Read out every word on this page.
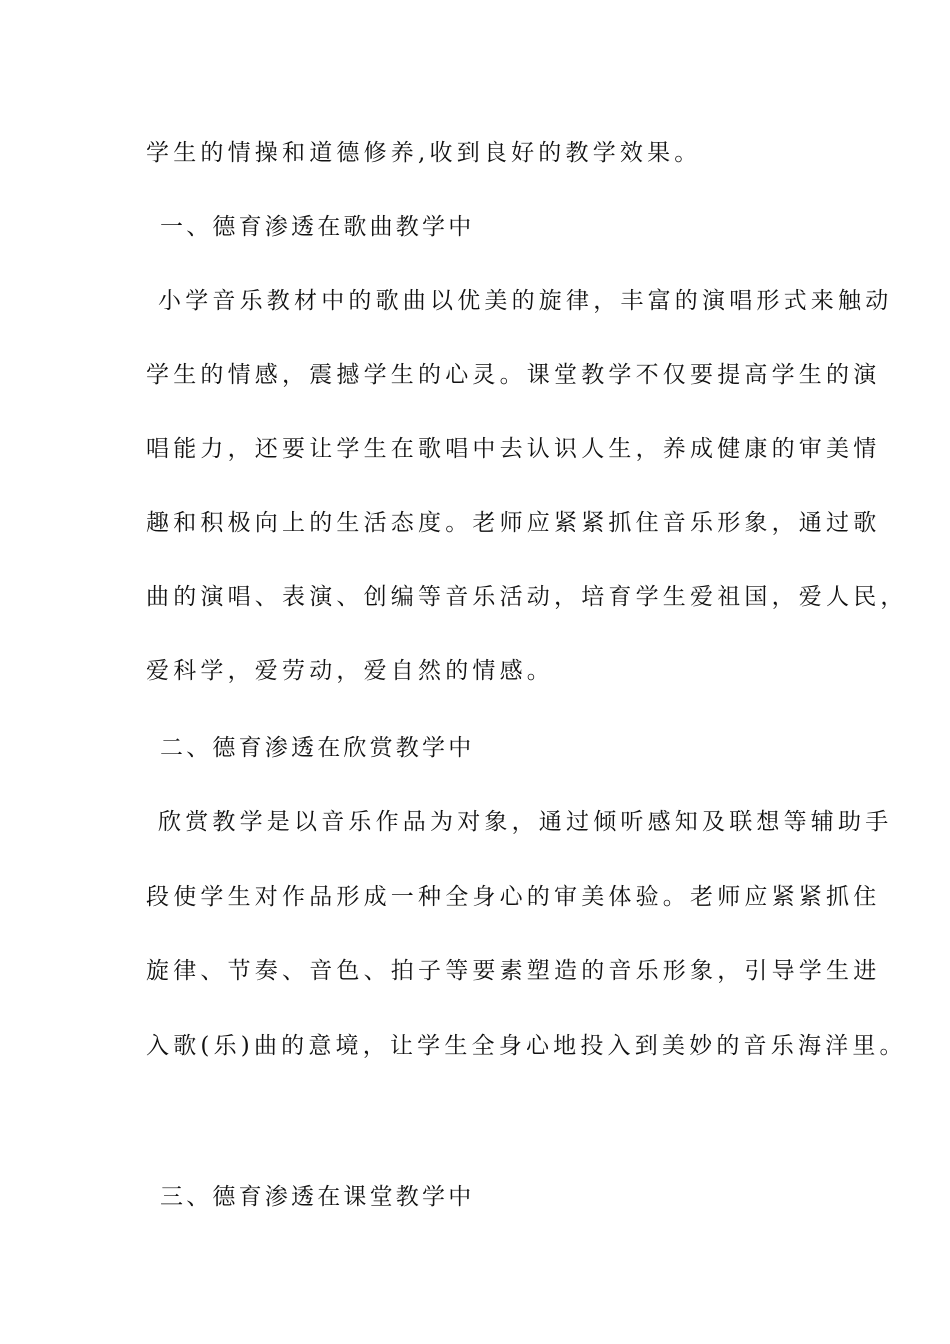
学生的情操和道德修养,收到良好的教学效果。
一、德育渗透在歌曲教学中
小学音乐教材中的歌曲以优美的旋律，丰富的演唱形式来触动
学生的情感，震撼学生的心灵。课堂教学不仅要提高学生的演
唱能力，还要让学生在歌唱中去认识人生，养成健康的审美情
趣和积极向上的生活态度。老师应紧紧抓住音乐形象，通过歌
曲的演唱、表演、创编等音乐活动，培育学生爱祖国，爱人民，
爱科学，爱劳动，爱自然的情感。
二、德育渗透在欣赏教学中
欣赏教学是以音乐作品为对象，通过倾听感知及联想等辅助手
段使学生对作品形成一种全身心的审美体验。老师应紧紧抓住
旋律、节奏、音色、拍子等要素塑造的音乐形象，引导学生进
入歌(乐)曲的意境，让学生全身心地投入到美妙的音乐海洋里。
三、德育渗透在课堂教学中
